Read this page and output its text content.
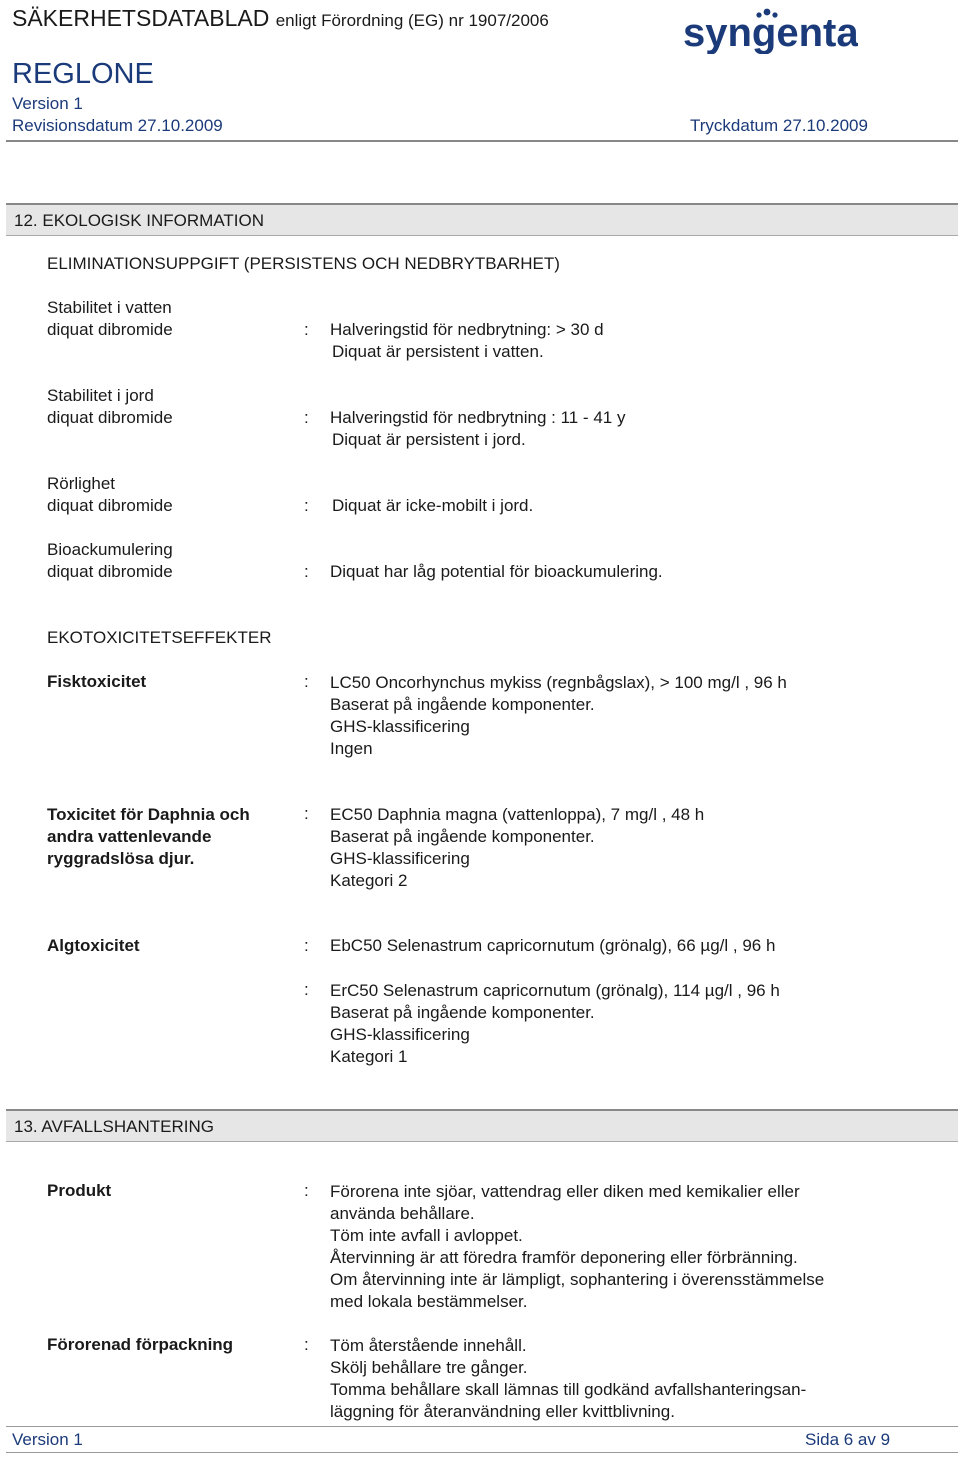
SÄKERHETSDATABLAD enligt Förordning (EG) nr 1907/2006	syngenta
REGLONE
Version 1
Revisionsdatum 27.10.2009	Tryckdatum 27.10.2009
12. EKOLOGISK INFORMATION
ELIMINATIONSUPPGIFT (PERSISTENS OCH NEDBRYTBARHET)
Stabilitet i vatten
diquat dibromide	: Halveringstid för nedbrytning: > 30 d
Diquat är persistent i vatten.
Stabilitet i jord
diquat dibromide	: Halveringstid för nedbrytning : 11 - 41 y
Diquat är persistent i jord.
Rörlighet
diquat dibromide	: Diquat är icke-mobilt i jord.
Bioackumulering
diquat dibromide	: Diquat har låg potential för bioackumulering.
EKOTOXICITETSEFFEKTER
Fisktoxicitet	: LC50 Oncorhynchus mykiss (regnbågslax), > 100 mg/l , 96 h
Baserat på ingående komponenter.
GHS-klassificering
Ingen
Toxicitet för Daphnia och
andra vattenlevande
ryggradslösa djur.
: EC50 Daphnia magna (vattenloppa), 7 mg/l , 48 h
Baserat på ingående komponenter.
GHS-klassificering
Kategori 2
Algtoxicitet	: EbC50 Selenastrum capricornutum (grönalg), 66 µg/l , 96 h
: ErC50 Selenastrum capricornutum (grönalg), 114 µg/l , 96 h
Baserat på ingående komponenter.
GHS-klassificering
Kategori 1
13. AVFALLSHANTERING
Produkt	: Förorena inte sjöar, vattendrag eller diken med kemikalier eller
använda behållare.
Töm inte avfall i avloppet.
Återvinning är att föredra framför deponering eller förbränning.
Om återvinning inte är lämpligt, sophantering i överensstämmelse
med lokala bestämmelser.
Förorenad förpackning	: Töm återstående innehåll.
Skölj behållare tre gånger.
Tomma behållare skall lämnas till godkänd avfallshanteringsan-
läggning för återanvändning eller kvittblivning.
Version 1	Sida 6 av 9
